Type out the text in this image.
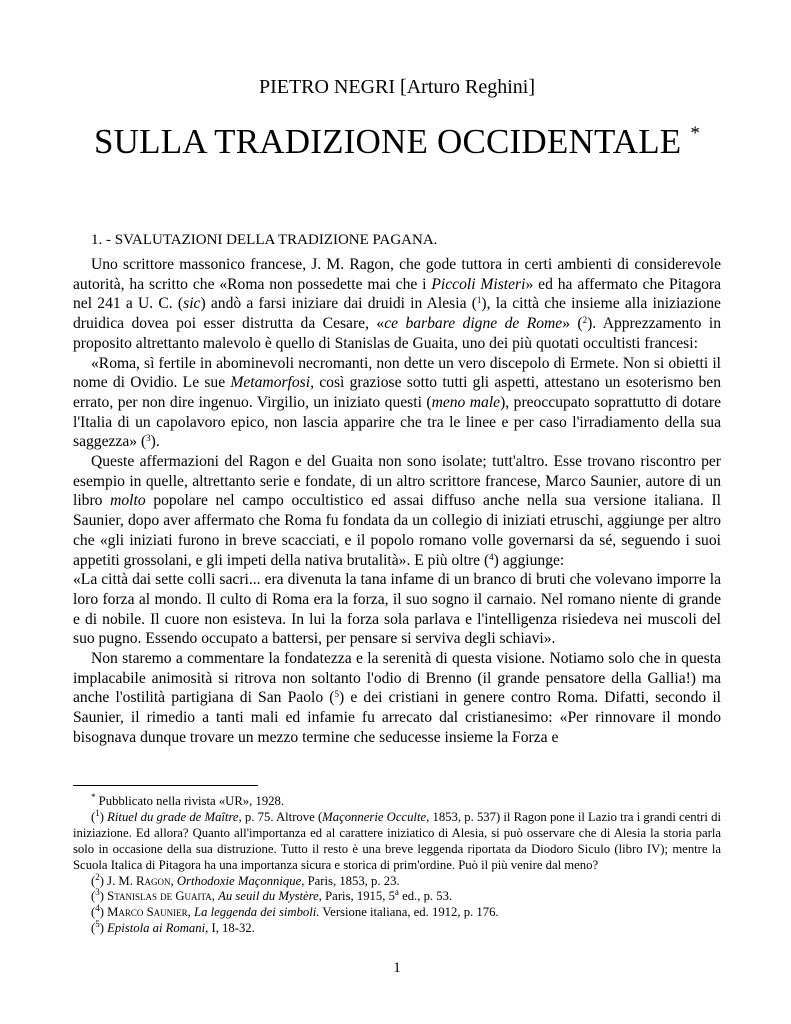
PIETRO NEGRI [Arturo Reghini]
SULLA TRADIZIONE OCCIDENTALE *
1. - SVALUTAZIONI DELLA TRADIZIONE PAGANA.

Uno scrittore massonico francese, J. M. Ragon, che gode tuttora in certi ambienti di considerevole autorità, ha scritto che «Roma non possedette mai che i Piccoli Misteri» ed ha affermato che Pitagora nel 241 a U. C. (sic) andò a farsi iniziare dai druidi in Alesia ($^1$), la città che insieme alla iniziazione druidica dovea poi esser distrutta da Cesare, «ce barbare digne de Rome» ($^2$). Apprezzamento in proposito altrettanto malevolo è quello di Stanislas de Guaita, uno dei più quotati occultisti francesi:

«Roma, sì fertile in abominevoli necromanti, non dette un vero discepolo di Ermete. Non si obietti il nome di Ovidio. Le sue Metamorfosi, così graziose sotto tutti gli aspetti, attestano un esoterismo ben errato, per non dire ingenuo. Virgilio, un iniziato questi (meno male), preoccupato soprattutto di dotare l'Italia di un capolavoro epico, non lascia apparire che tra le linee e per caso l'irradiamento della sua saggezza» ($^3$).

Queste affermazioni del Ragon e del Guaita non sono isolate; tutt'altro. Esse trovano riscontro per esempio in quelle, altrettanto serie e fondate, di un altro scrittore francese, Marco Saunier, autore di un libro molto popolare nel campo occultistico ed assai diffuso anche nella sua versione italiana. Il Saunier, dopo aver affermato che Roma fu fondata da un collegio di iniziati etruschi, aggiunge per altro che «gli iniziati furono in breve scacciati, e il popolo romano volle governarsi da sé, seguendo i suoi appetiti grossolani, e gli impeti della nativa brutalità». E più oltre ($^4$) aggiunge:

«La città dai sette colli sacri... era divenuta la tana infame di un branco di bruti che volevano imporre la loro forza al mondo. Il culto di Roma era la forza, il suo sogno il carnaio. Nel romano niente di grande e di nobile. Il cuore non esisteva. In lui la forza sola parlava e l'intelligenza risiedeva nei muscoli del suo pugno. Essendo occupato a battersi, per pensare si serviva degli schiavi».

Non staremo a commentare la fondatezza e la serenità di questa visione. Notiamo solo che in questa implacabile animosità si ritrova non soltanto l'odio di Brenno (il grande pensatore della Gallia!) ma anche l'ostilità partigiana di San Paolo ($^5$) e dei cristiani in genere contro Roma. Difatti, secondo il Saunier, il rimedio a tanti mali ed infamie fu arrecato dal cristianesimo: «Per rinnovare il mondo bisognava dunque trovare un mezzo termine che seducesse insieme la Forza e

* Pubblicato nella rivista «UR», 1928.

($^1$) Rituel du grade de Maître, p. 75. Altrove (Maçonnerie Occulte, 1853, p. 537) il Ragon pone il Lazio tra i grandi centri di iniziazione. Ed allora? Quanto all'importanza ed al carattere iniziatico di Alesia, si può osservare che di Alesia la storia parla solo in occasione della sua distruzione. Tutto il resto è una breve leggenda riportata da Diodoro Siculo (libro IV); mentre la Scuola Italica di Pitagora ha una importanza sicura e storica di prim'ordine. Può il più venire dal meno?

($^2$) J. M. Ragon, Orthodoxie Maçonnique, Paris, 1853, p. 23.

($^3$) Stanislas de Guaita, Au seuil du Mystère, Paris, 1915, 5$^a$ ed., p. 53.

($^4$) Marco Saunier, La leggenda dei simboli. Versione italiana, ed. 1912, p. 176.

($^5$) Epistola ai Romani, I, 18-32.

1
